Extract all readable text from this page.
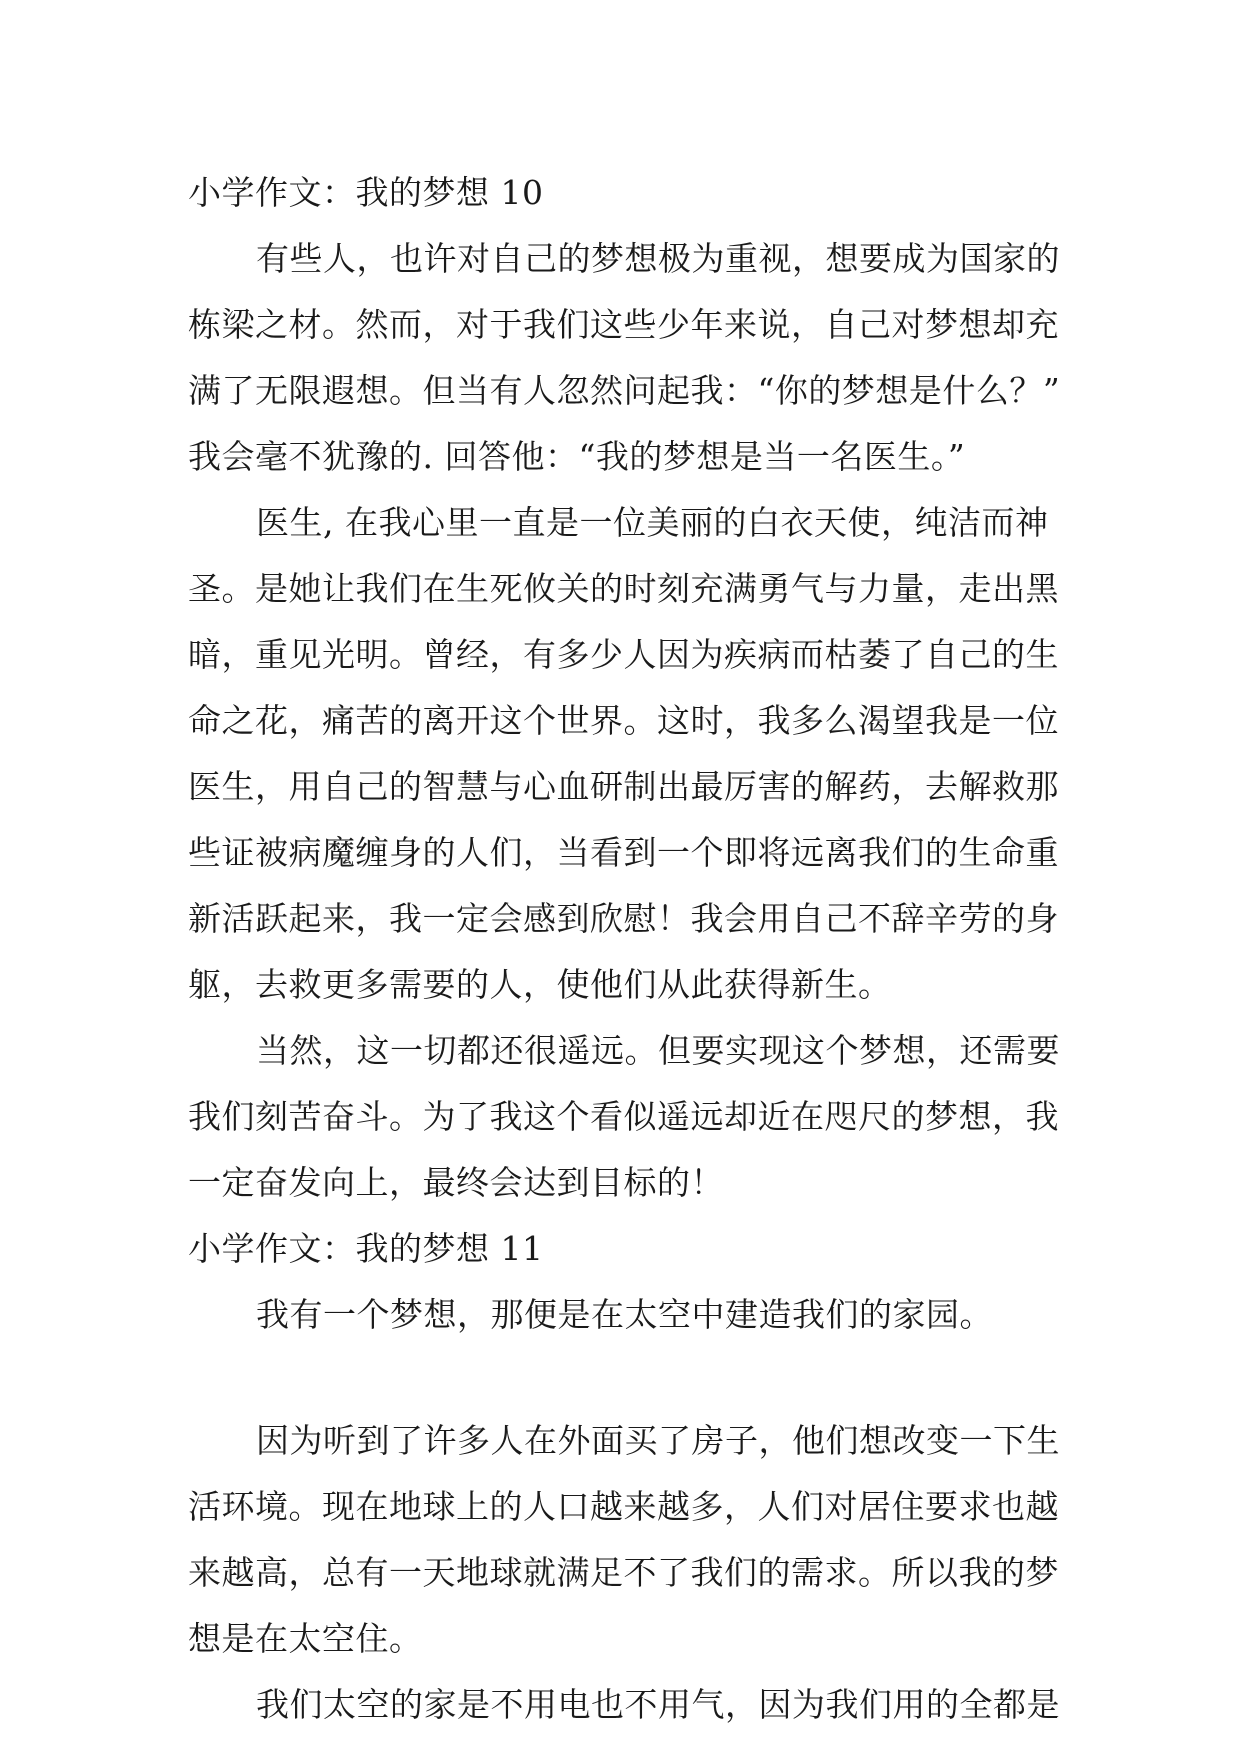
小学作文：我的梦想 10
有些人，也许对自己的梦想极为重视，想要成为国家的
栋梁之材。然而，对于我们这些少年来说，自己对梦想却充
满了无限遐想。但当有人忽然问起我：“你的梦想是什么？”
我会毫不犹豫的. 回答他：“我的梦想是当一名医生。”
医生, 在我心里一直是一位美丽的白衣天使，纯洁而神
圣。是她让我们在生死攸关的时刻充满勇气与力量，走出黑
暗，重见光明。曾经，有多少人因为疾病而枯萎了自己的生
命之花，痛苦的离开这个世界。这时，我多么渴望我是一位
医生，用自己的智慧与心血研制出最厉害的解药，去解救那
些证被病魔缠身的人们，当看到一个即将远离我们的生命重
新活跃起来，我一定会感到欣慰！我会用自己不辞辛劳的身
躯，去救更多需要的人，使他们从此获得新生。
当然，这一切都还很遥远。但要实现这个梦想，还需要
我们刻苦奋斗。为了我这个看似遥远却近在咫尺的梦想，我
一定奋发向上，最终会达到目标的！
小学作文：我的梦想 11
我有一个梦想，那便是在太空中建造我们的家园。
因为听到了许多人在外面买了房子，他们想改变一下生
活环境。现在地球上的人口越来越多，人们对居住要求也越
来越高，总有一天地球就满足不了我们的需求。所以我的梦
想是在太空住。
我们太空的家是不用电也不用气，因为我们用的全都是
